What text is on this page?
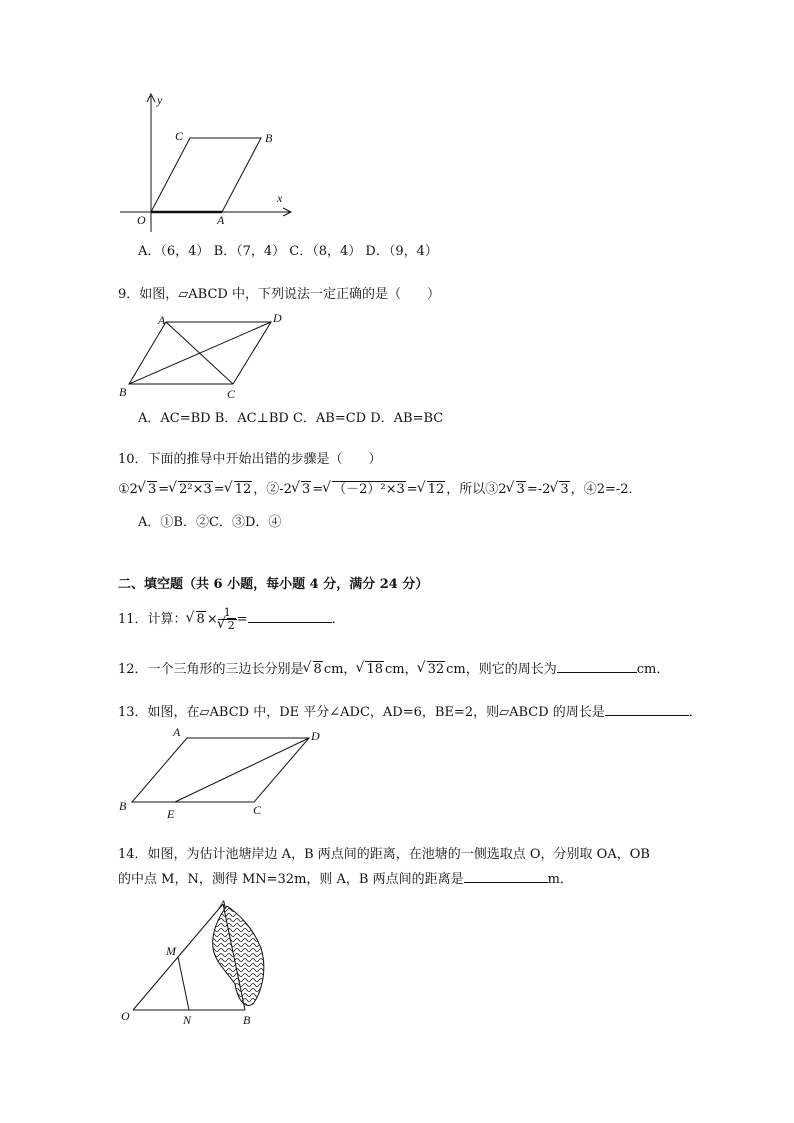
y
x
C	B
O	A
A．（6，4） B．（7，4） C．（8，4） D．（9，4）
9．如图，▱ABCD 中，下列说法一定正确的是（　　）
A	D
B	C
A．AC=BD B．AC⊥BD C．AB=CD D．AB=BC
10．下面的推导中开始出错的步骤是（　　）
①2 √ 3 = √ 2²×3 = √ 12 ，②-2 √ 3 = √ （－2）²×3 = √ 12 ，所以③2 √ 3 =-2 √ 3 ，④2=-2．
A．①B．②C．③D．④
二、填空题（共 6 小题，每小题 4 分，满分 24 分）
11．计算： √ 8 × 1
√ 2 =	．
12．一个三角形的三边长分别是 √ 8 cm， √ 18 cm， √ 32 cm，则它的周长为	cm．
13．如图，在▱ABCD 中，DE 平分∠ADC，AD=6，BE=2，则▱ABCD 的周长是	．
A	D
B
E	C
14．如图，为估计池塘岸边 A，B 两点间的距离，在池塘的一侧选取点 O，分别取 OA，OB
的中点 M，N，测得 MN=32m，则 A，B 两点间的距离是	m．
A
M
O	N	B
